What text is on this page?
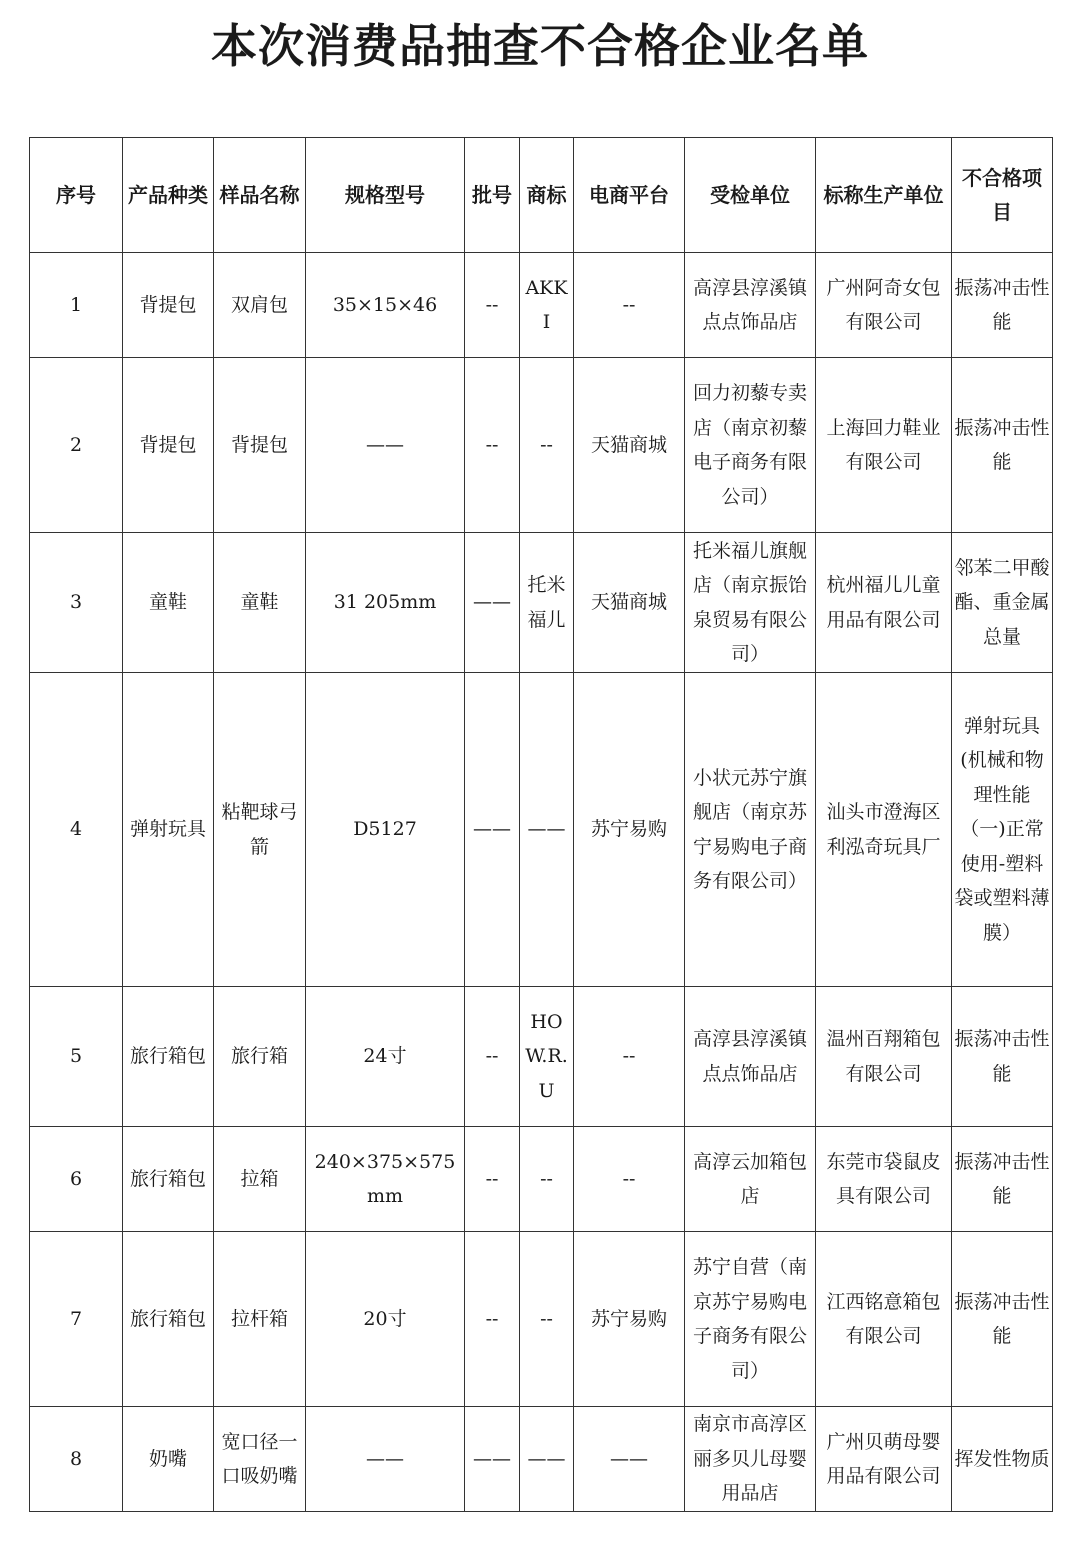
本次消费品抽查不合格企业名单
序号	产品种类	样品名称	规格型号	批号	商标	电商平台	受检单位	标称生产单位	不合格项目
1	背提包	双肩包	35×15×46	--	AKKI	--	高淳县淳溪镇点点饰品店	广州阿奇女包有限公司	振荡冲击性能
2	背提包	背提包	——	--	--	天猫商城	回力初藜专卖店（南京初藜电子商务有限公司）	上海回力鞋业有限公司	振荡冲击性能
3	童鞋	童鞋	31 205mm	——	托米福儿	天猫商城	托米福儿旗舰店（南京振饴泉贸易有限公司）	杭州福儿儿童用品有限公司	邻苯二甲酸酯、重金属总量
4	弹射玩具	粘靶球弓箭	D5127	——	——	苏宁易购	小状元苏宁旗舰店（南京苏宁易购电子商务有限公司）	汕头市澄海区利泓奇玩具厂	弹射玩具(机械和物理性能（一)正常使用-塑料袋或塑料薄膜）
5	旅行箱包	旅行箱	24寸	--	HOW.R.U	--	高淳县淳溪镇点点饰品店	温州百翔箱包有限公司	振荡冲击性能
6	旅行箱包	拉箱	240×375×575mm	--	--	--	高淳云加箱包店	东莞市袋鼠皮具有限公司	振荡冲击性能
7	旅行箱包	拉杆箱	20寸	--	--	苏宁易购	苏宁自营（南京苏宁易购电子商务有限公司）	江西铭意箱包有限公司	振荡冲击性能
8	奶嘴	宽口径一口吸奶嘴	——	——	——	——	南京市高淳区丽多贝儿母婴用品店	广州贝萌母婴用品有限公司	挥发性物质
